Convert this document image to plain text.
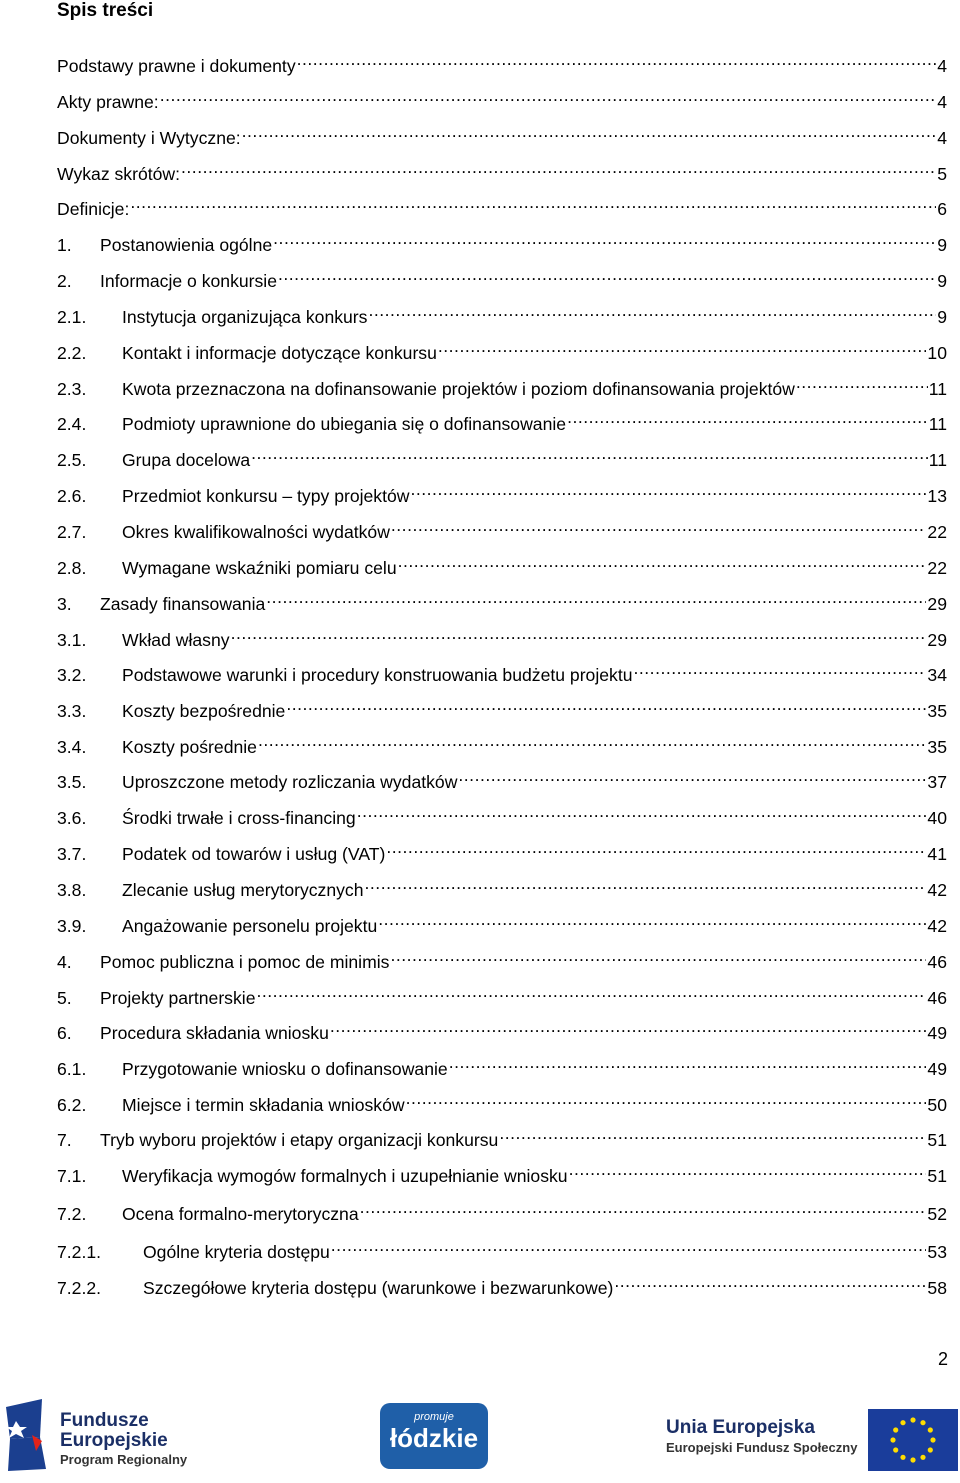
Spis treści
Podstawy prawne i dokumenty .....	4
Akty prawne: .....	4
Dokumenty i Wytyczne: .....	4
Wykaz skrótów: .....	5
Definicje: .....	6
1.	Postanowienia ogólne .....	9
2.	Informacje o konkursie .....	9
2.1.	Instytucja organizująca konkurs .....	9
2.2.	Kontakt i informacje dotyczące konkursu .....	10
2.3.	Kwota przeznaczona na dofinansowanie projektów i poziom dofinansowania projektów .....	11
2.4.	Podmioty uprawnione do ubiegania się o dofinansowanie .....	11
2.5.	Grupa docelowa .....	11
2.6.	Przedmiot konkursu – typy projektów .....	13
2.7.	Okres kwalifikowalności wydatków .....	22
2.8.	Wymagane wskaźniki pomiaru celu .....	22
3.	Zasady finansowania .....	29
3.1.	Wkład własny .....	29
3.2.	Podstawowe warunki i procedury konstruowania budżetu projektu .....	34
3.3.	Koszty bezpośrednie .....	35
3.4.	Koszty pośrednie .....	35
3.5.	Uproszczone metody rozliczania wydatków .....	37
3.6.	Środki trwałe i cross-financing .....	40
3.7.	Podatek od towarów i usług (VAT) .....	41
3.8.	Zlecanie usług merytorycznych .....	42
3.9.	Angażowanie personelu projektu .....	42
4.	Pomoc publiczna i pomoc de minimis .....	46
5.	Projekty partnerskie .....	46
6.	Procedura składania wniosku .....	49
6.1.	Przygotowanie wniosku o dofinansowanie .....	49
6.2.	Miejsce i termin składania wniosków .....	50
7.	Tryb wyboru projektów i etapy organizacji konkursu .....	51
7.1.	Weryfikacja wymogów formalnych i uzupełnianie wniosku .....	51
7.2.	Ocena formalno-merytoryczna .....	52
7.2.1.	Ogólne kryteria dostępu .....	53
7.2.2.	Szczegółowe kryteria dostępu (warunkowe i bezwarunkowe) .....	58
2
Fundusze
Europejskie
Program Regionalny
promuje
łódzkie	Unia Europejska
Europejski Fundusz Społeczny
